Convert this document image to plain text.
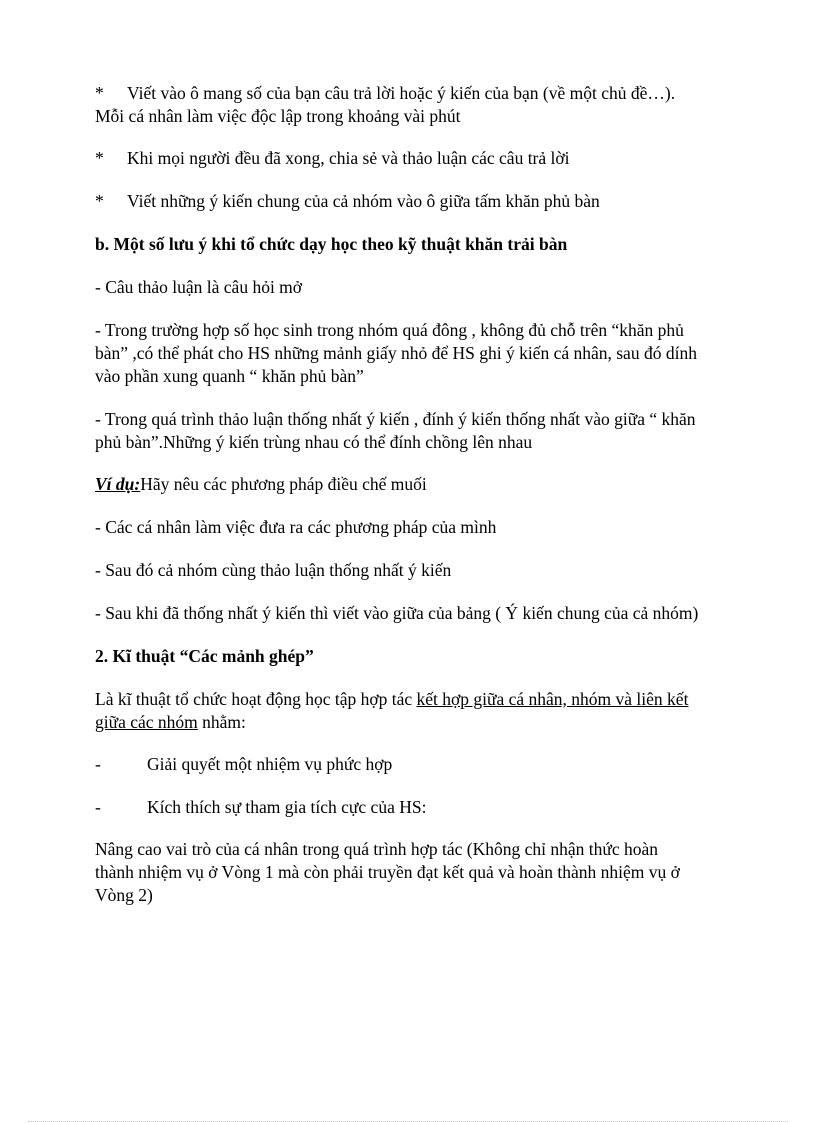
* Viết vào ô mang số của bạn câu trả lời hoặc ý kiến của bạn (về một chủ đề…).
Mỗi cá nhân làm việc độc lập trong khoảng vài phút
* Khi mọi người đều đã xong, chia sẻ và thảo luận các câu trả lời
* Viết những ý kiến chung của cả nhóm vào ô giữa tấm khăn phủ bàn
b. Một số lưu ý khi tổ chức dạy học theo kỹ thuật khăn trải bàn
- Câu thảo luận là câu hỏi mở
- Trong trường hợp số học sinh trong nhóm quá đông , không đủ chỗ trên “khăn phủ
bàn” ,có thể phát cho HS những mảnh giấy nhỏ để HS ghi ý kiến cá nhân, sau đó dính
vào phần xung quanh “ khăn phủ bàn”
- Trong quá trình thảo luận thống nhất ý kiến , đính ý kiến thống nhất vào giữa “ khăn
phủ bàn”.Những ý kiến trùng nhau có thể đính chồng lên nhau
Ví dụ:Hãy nêu các phương pháp điều chế muối
- Các cá nhân làm việc đưa ra các phương pháp của mình
- Sau đó cả nhóm cùng thảo luận thống nhất ý kiến
- Sau khi đã thống nhất ý kiến thì viết vào giữa của bảng ( Ý kiến chung của cả nhóm)
2. Kĩ thuật “Các mảnh ghép”
Là kĩ thuật tổ chức hoạt động học tập hợp tác kết hợp giữa cá nhân, nhóm và liên kết
giữa các nhóm nhằm:
-	Giải quyết một nhiệm vụ phức hợp
-	Kích thích sự tham gia tích cực của HS:
Nâng cao vai trò của cá nhân trong quá trình hợp tác (Không chỉ nhận thức hoàn
thành nhiệm vụ ở Vòng 1 mà còn phải truyền đạt kết quả và hoàn thành nhiệm vụ ở
Vòng 2)
